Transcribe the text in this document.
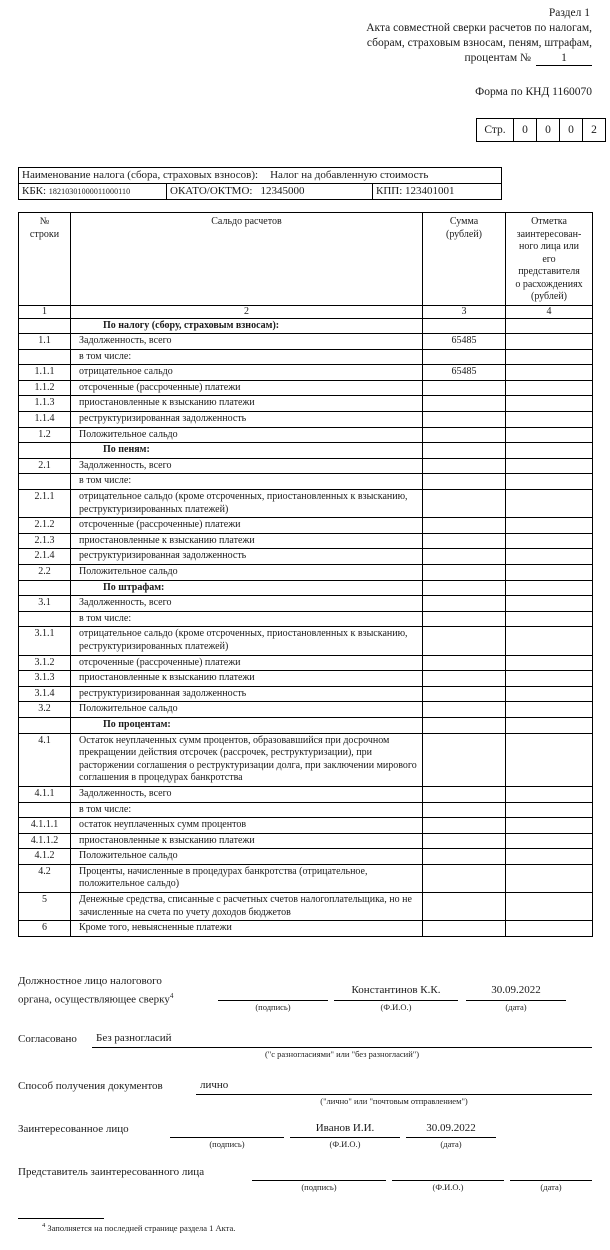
Раздел 1
Акта совместной сверки расчетов по налогам,
сборам, страховым взносам, пеням, штрафам,
процентам №	1
Форма по КНД 1160070
Стр.	0	0	0	2
Наименование налога (сбора, страховых взносов): Налог на добавленную стоимость
КБК: 18210301000011000110	ОКАТО/ОКТМО: 12345000	КПП: 123401001
№
строки
	Сальдо расчетов	Сумма
(рублей)

Отметка
заинтересован-
ного лица или
его
представителя
о расхождениях
(рублей)

1	2	3	4
	По налогу (сбору, страховым взносам):		
1.1	Задолженность, всего	65485	
	в том числе:		
1.1.1	отрицательное сальдо	65485	
1.1.2	отсроченные (рассроченные) платежи		
1.1.3	приостановленные к взысканию платежи		
1.1.4	реструктуризированная задолженность		
1.2	Положительное сальдо		
	По пеням:		
2.1	Задолженность, всего		
	в том числе:		
2.1.1	отрицательное сальдо (кроме отсроченных, приостановленных к взысканию, реструктуризированных платежей)		
2.1.2	отсроченные (рассроченные) платежи		
2.1.3	приостановленные к взысканию платежи		
2.1.4	реструктуризированная задолженность		
2.2	Положительное сальдо		
	По штрафам:		
3.1	Задолженность, всего		
	в том числе:		
3.1.1	отрицательное сальдо (кроме отсроченных, приостановленных к взысканию, реструктуризированных платежей)		
3.1.2	отсроченные (рассроченные) платежи		
3.1.3	приостановленные к взысканию платежи		
3.1.4	реструктуризированная задолженность		
3.2	Положительное сальдо		
	По процентам:		
4.1	Остаток неуплаченных сумм процентов, образовавшийся при досрочном прекращении действия отсрочек (рассрочек, реструктуризации), при расторжении соглашения о реструктуризации долга, при заключении мирового соглашения в процедурах банкротства		
4.1.1	Задолженность, всего		
	в том числе:		
4.1.1.1	остаток неуплаченных сумм процентов		
4.1.1.2	приостановленные к взысканию платежи		
4.1.2	Положительное сальдо		
4.2	Проценты, начисленные в процедурах банкротства (отрицательное, положительное сальдо)		
5	Денежные средства, списанные с расчетных счетов налогоплательщика, но не зачисленные на счета по учету доходов бюджетов		
6	Кроме того, невыясненные платежи		
Должностное лицо налогового
органа, осуществляющее сверку$^4$	Константинов К.К.	30.09.2022
(подпись)	(Ф.И.О.)	(дата)
Согласовано Без разногласий
("с разногласиями" или "без разногласий")
Способ получения документов	лично
("лично" или "почтовым отправлением")
Заинтересованное лицо	Иванов И.И.	30.09.2022
(подпись)	(Ф.И.О.)	(дата)
Представитель заинтересованного лица
(подпись)	(Ф.И.О.)	(дата)
$^4$ Заполняется на последней странице раздела 1 Акта.
